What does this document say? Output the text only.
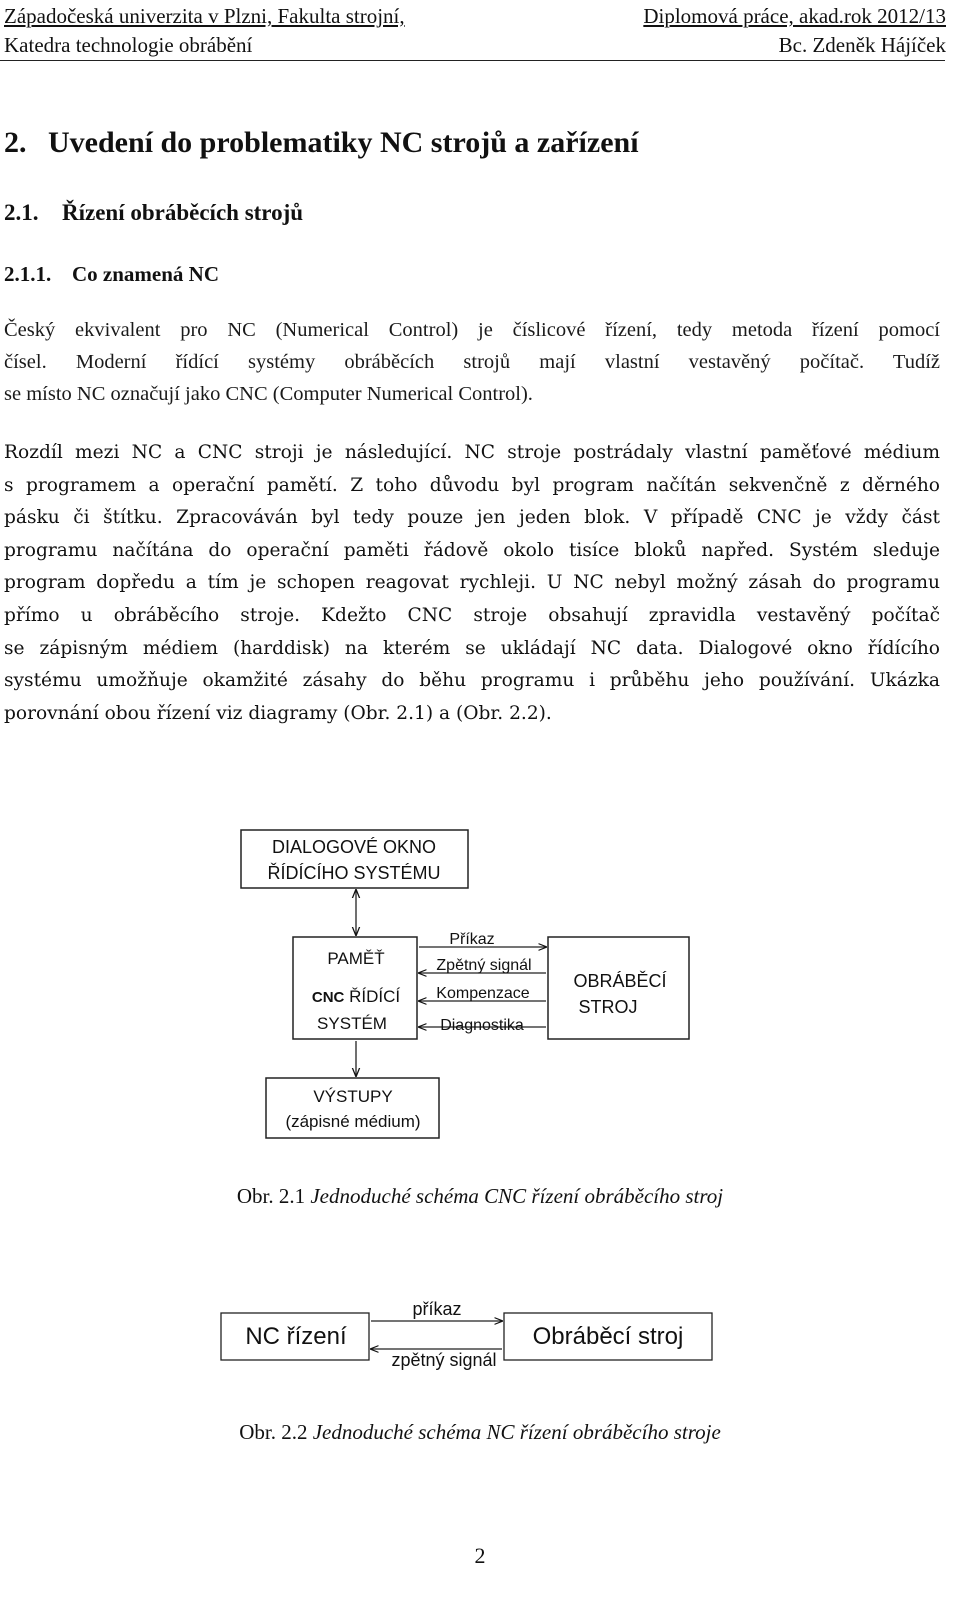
Západočeská univerzita v Plzni, Fakulta strojní,	Diplomová práce, akad.rok 2012/13
Katedra technologie obrábění	Bc. Zdeněk Hájíček
2. Uvedení do problematiky NC strojů a zařízení
2.1. Řízení obráběcích strojů
2.1.1. Co znamená NC
Český ekvivalent pro NC (Numerical Control) je číslicové řízení, tedy metoda řízení pomocí
čísel. Moderní řídící systémy obráběcích strojů mají vlastní vestavěný počítač. Tudíž
se místo NC označují jako CNC (Computer Numerical Control).
Rozdíl mezi NC a CNC stroji je následující. NC stroje postrádaly vlastní paměťové médium
s programem a operační pamětí. Z toho důvodu byl program načítán sekvenčně z děrného
pásku či štítku. Zpracováván byl tedy pouze jen jeden blok. V případě CNC je vždy část
programu načítána do operační paměti řádově okolo tisíce bloků napřed. Systém sleduje
program dopředu a tím je schopen reagovat rychleji. U NC nebyl možný zásah do programu
přímo u obráběcího stroje. Kdežto CNC stroje obsahují zpravidla vestavěný počítač
se zápisným médiem (harddisk) na kterém se ukládají NC data. Dialogové okno řídícího
systému umožňuje okamžité zásahy do běhu programu i průběhu jeho používání. Ukázka
porovnání obou řízení viz diagramy (Obr. 2.1) a (Obr. 2.2).
DIALOGOVÉ OKNO
ŘÍDÍCÍHO SYSTÉMU
PAMĚŤ
CNC ŘÍDÍCÍ
SYSTÉM
Příkaz
Zpětný signál
Kompenzace
Diagnostika
OBRÁBĚCÍ
STROJ
VÝSTUPY
(zápisné médium)
Obr. 2.1 Jednoduché schéma CNC řízení obráběcího stroj
NC řízení
příkaz
zpětný signál
Obráběcí stroj
Obr. 2.2 Jednoduché schéma NC řízení obráběcího stroje
2
